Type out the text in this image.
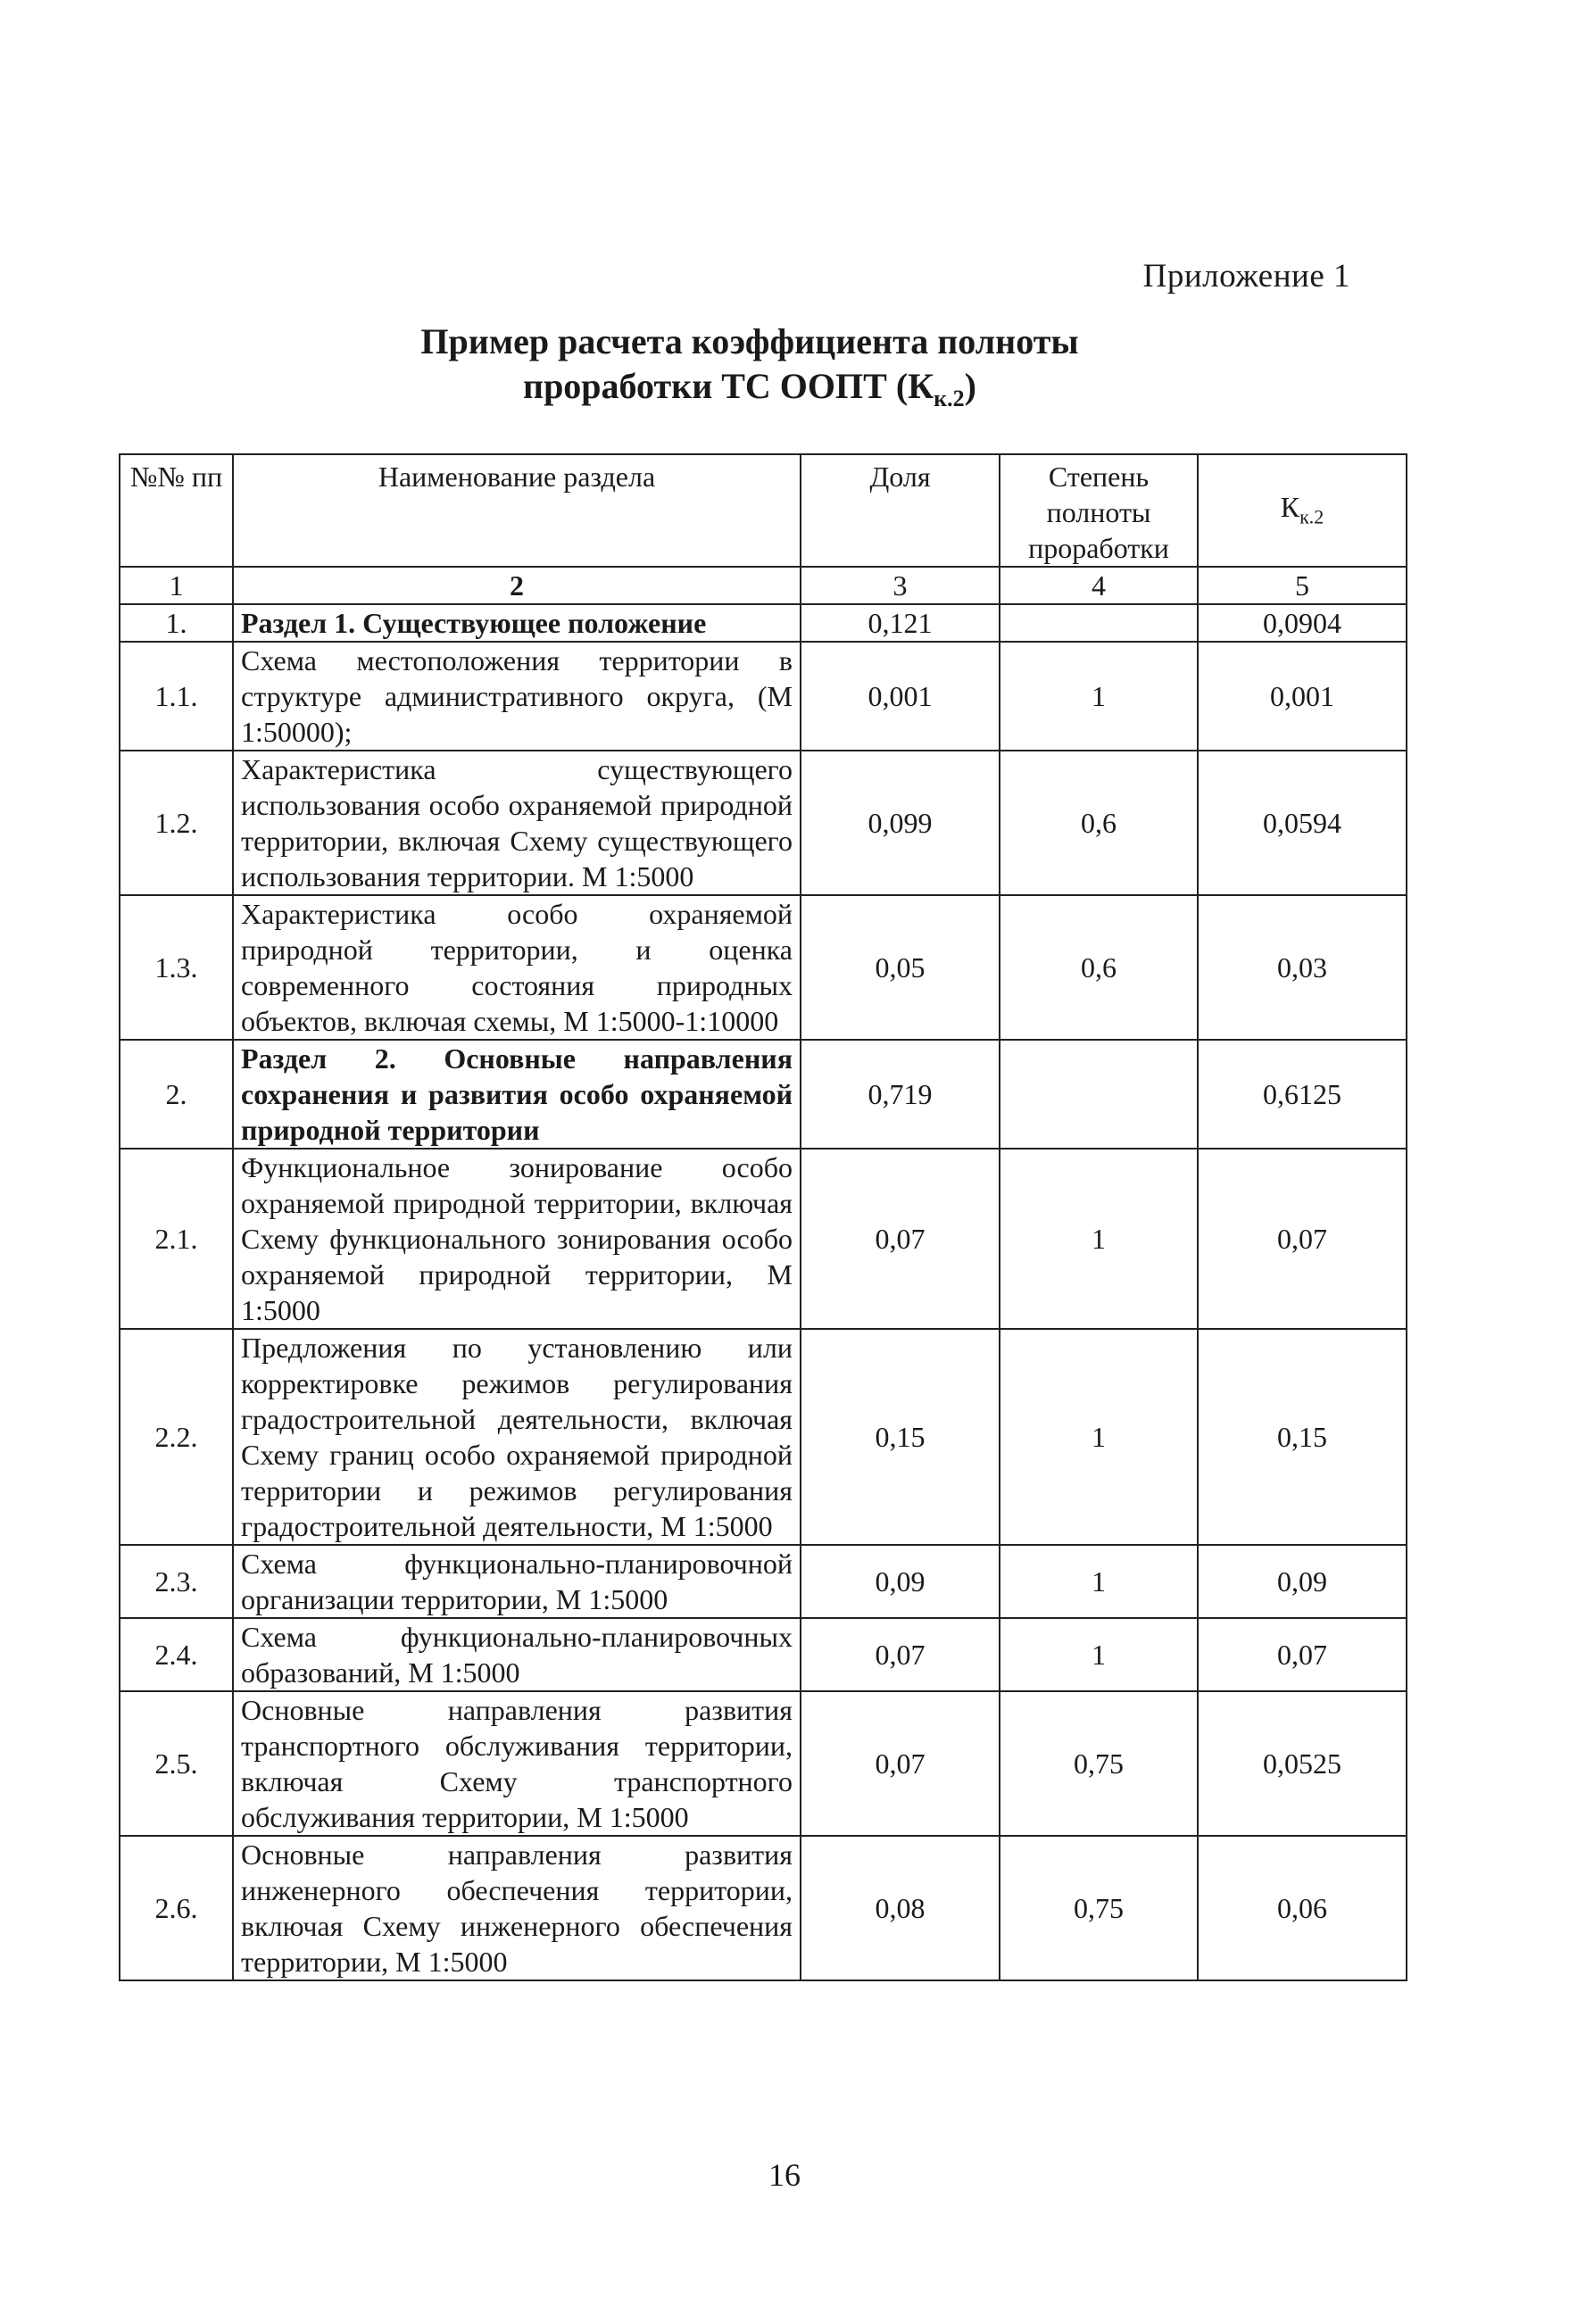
Приложение 1
Пример расчета коэффициента полноты
проработки ТС ООПТ $(К_{к.2})$
№№ пп	Наименование раздела	Доля	Степень полноты проработки	$К_{к.2}$
1	2	3	4	5
1.	Раздел 1. Существующее положение	0,121		0,0904
1.1.	Схема местоположения территории в структуре административного округа, (М 1:50000);	0,001	1	0,001
1.2.	Характеристика существующего использования особо охраняемой природной территории, включая Схему существующего использования территории. М 1:5000	0,099	0,6	0,0594
1.3.	Характеристика особо охраняемой природной территории, и оценка современного состояния природных объектов, включая схемы, М 1:5000-1:10000	0,05	0,6	0,03
2.	Раздел 2. Основные направления сохранения и развития особо охраняемой природной территории	0,719		0,6125
2.1.	Функциональное зонирование особо охраняемой природной территории, включая Схему функционального зонирования особо охраняемой природной территории, М 1:5000	0,07	1	0,07
2.2.	Предложения по установлению или корректировке режимов регулирования градостроительной деятельности, включая Схему границ особо охраняемой природной территории и режимов регулирования градостроительной деятельности, М 1:5000	0,15	1	0,15
2.3.	Схема функционально-планировочной организации территории, М 1:5000	0,09	1	0,09
2.4.	Схема функционально-планировочных образований, М 1:5000	0,07	1	0,07
2.5.	Основные направления развития транспортного обслуживания территории, включая Схему транспортного обслуживания территории, М 1:5000	0,07	0,75	0,0525
2.6.	Основные направления развития инженерного обеспечения территории, включая Схему инженерного обеспечения территории, М 1:5000	0,08	0,75	0,06
16
